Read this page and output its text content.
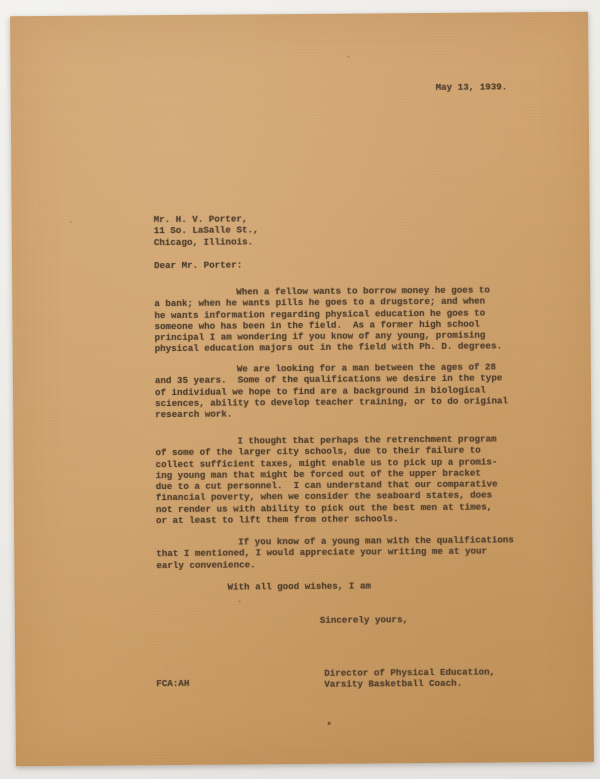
May 13, 1939.
Mr. H. V. Porter,
11 So. LaSalle St.,
Chicago, Illinois.
Dear Mr. Porter:
When a fellow wants to borrow money he goes to
a bank; when he wants pills he goes to a drugstore; and when
he wants information regarding physical education he goes to
someone who has been in the field.  As a former high school
principal I am wondering if you know of any young, promising
physical education majors out in the field with Ph. D. degrees.
We are looking for a man between the ages of 28
and 35 years.  Some of the qualifications we desire in the type
of individual we hope to find are a background in biological
sciences, ability to develop teacher training, or to do original
research work.
I thought that perhaps the retrenchment program
of some of the larger city schools, due to their failure to
collect sufficient taxes, might enable us to pick up a promis-
ing young man that might be forced out of the upper bracket
due to a cut personnel.  I can understand that our comparative
financial poverty, when we consider the seaboard states, does
not render us with ability to pick out the best men at times,
or at least to lift them from other schools.
If you know of a young man with the qualifications
that I mentioned, I would appreciate your writing me at your
early convenience.
With all good wishes, I am
Sincerely yours,
Director of Physical Education,
Varsity Basketball Coach.
FCA:AH
